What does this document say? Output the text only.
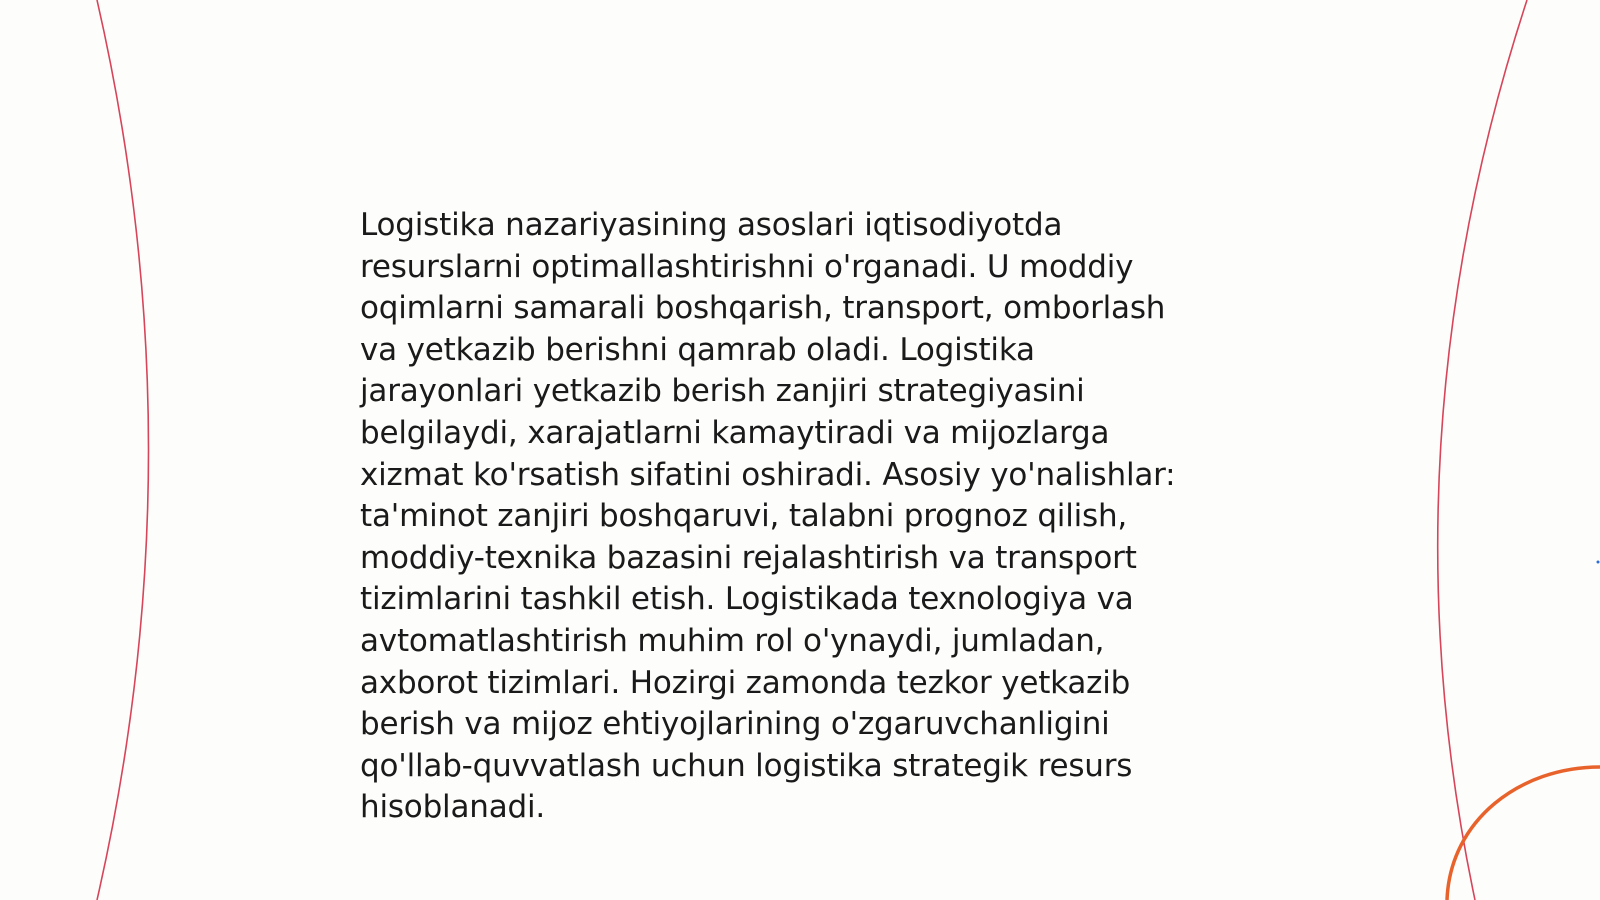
Logistika nazariyasining asoslari iqtisodiyotda
resurslarni optimallashtirishni o'rganadi. U moddiy
oqimlarni samarali boshqarish, transport, omborlash
va yetkazib berishni qamrab oladi. Logistika
jarayonlari yetkazib berish zanjiri strategiyasini
belgilaydi, xarajatlarni kamaytiradi va mijozlarga
xizmat ko'rsatish sifatini oshiradi. Asosiy yo'nalishlar:
ta'minot zanjiri boshqaruvi, talabni prognoz qilish,
moddiy-texnika bazasini rejalashtirish va transport
tizimlarini tashkil etish. Logistikada texnologiya va
avtomatlashtirish muhim rol o'ynaydi, jumladan,
axborot tizimlari. Hozirgi zamonda tezkor yetkazib
berish va mijoz ehtiyojlarining o'zgaruvchanligini
qo'llab-quvvatlash uchun logistika strategik resurs
hisoblanadi.
